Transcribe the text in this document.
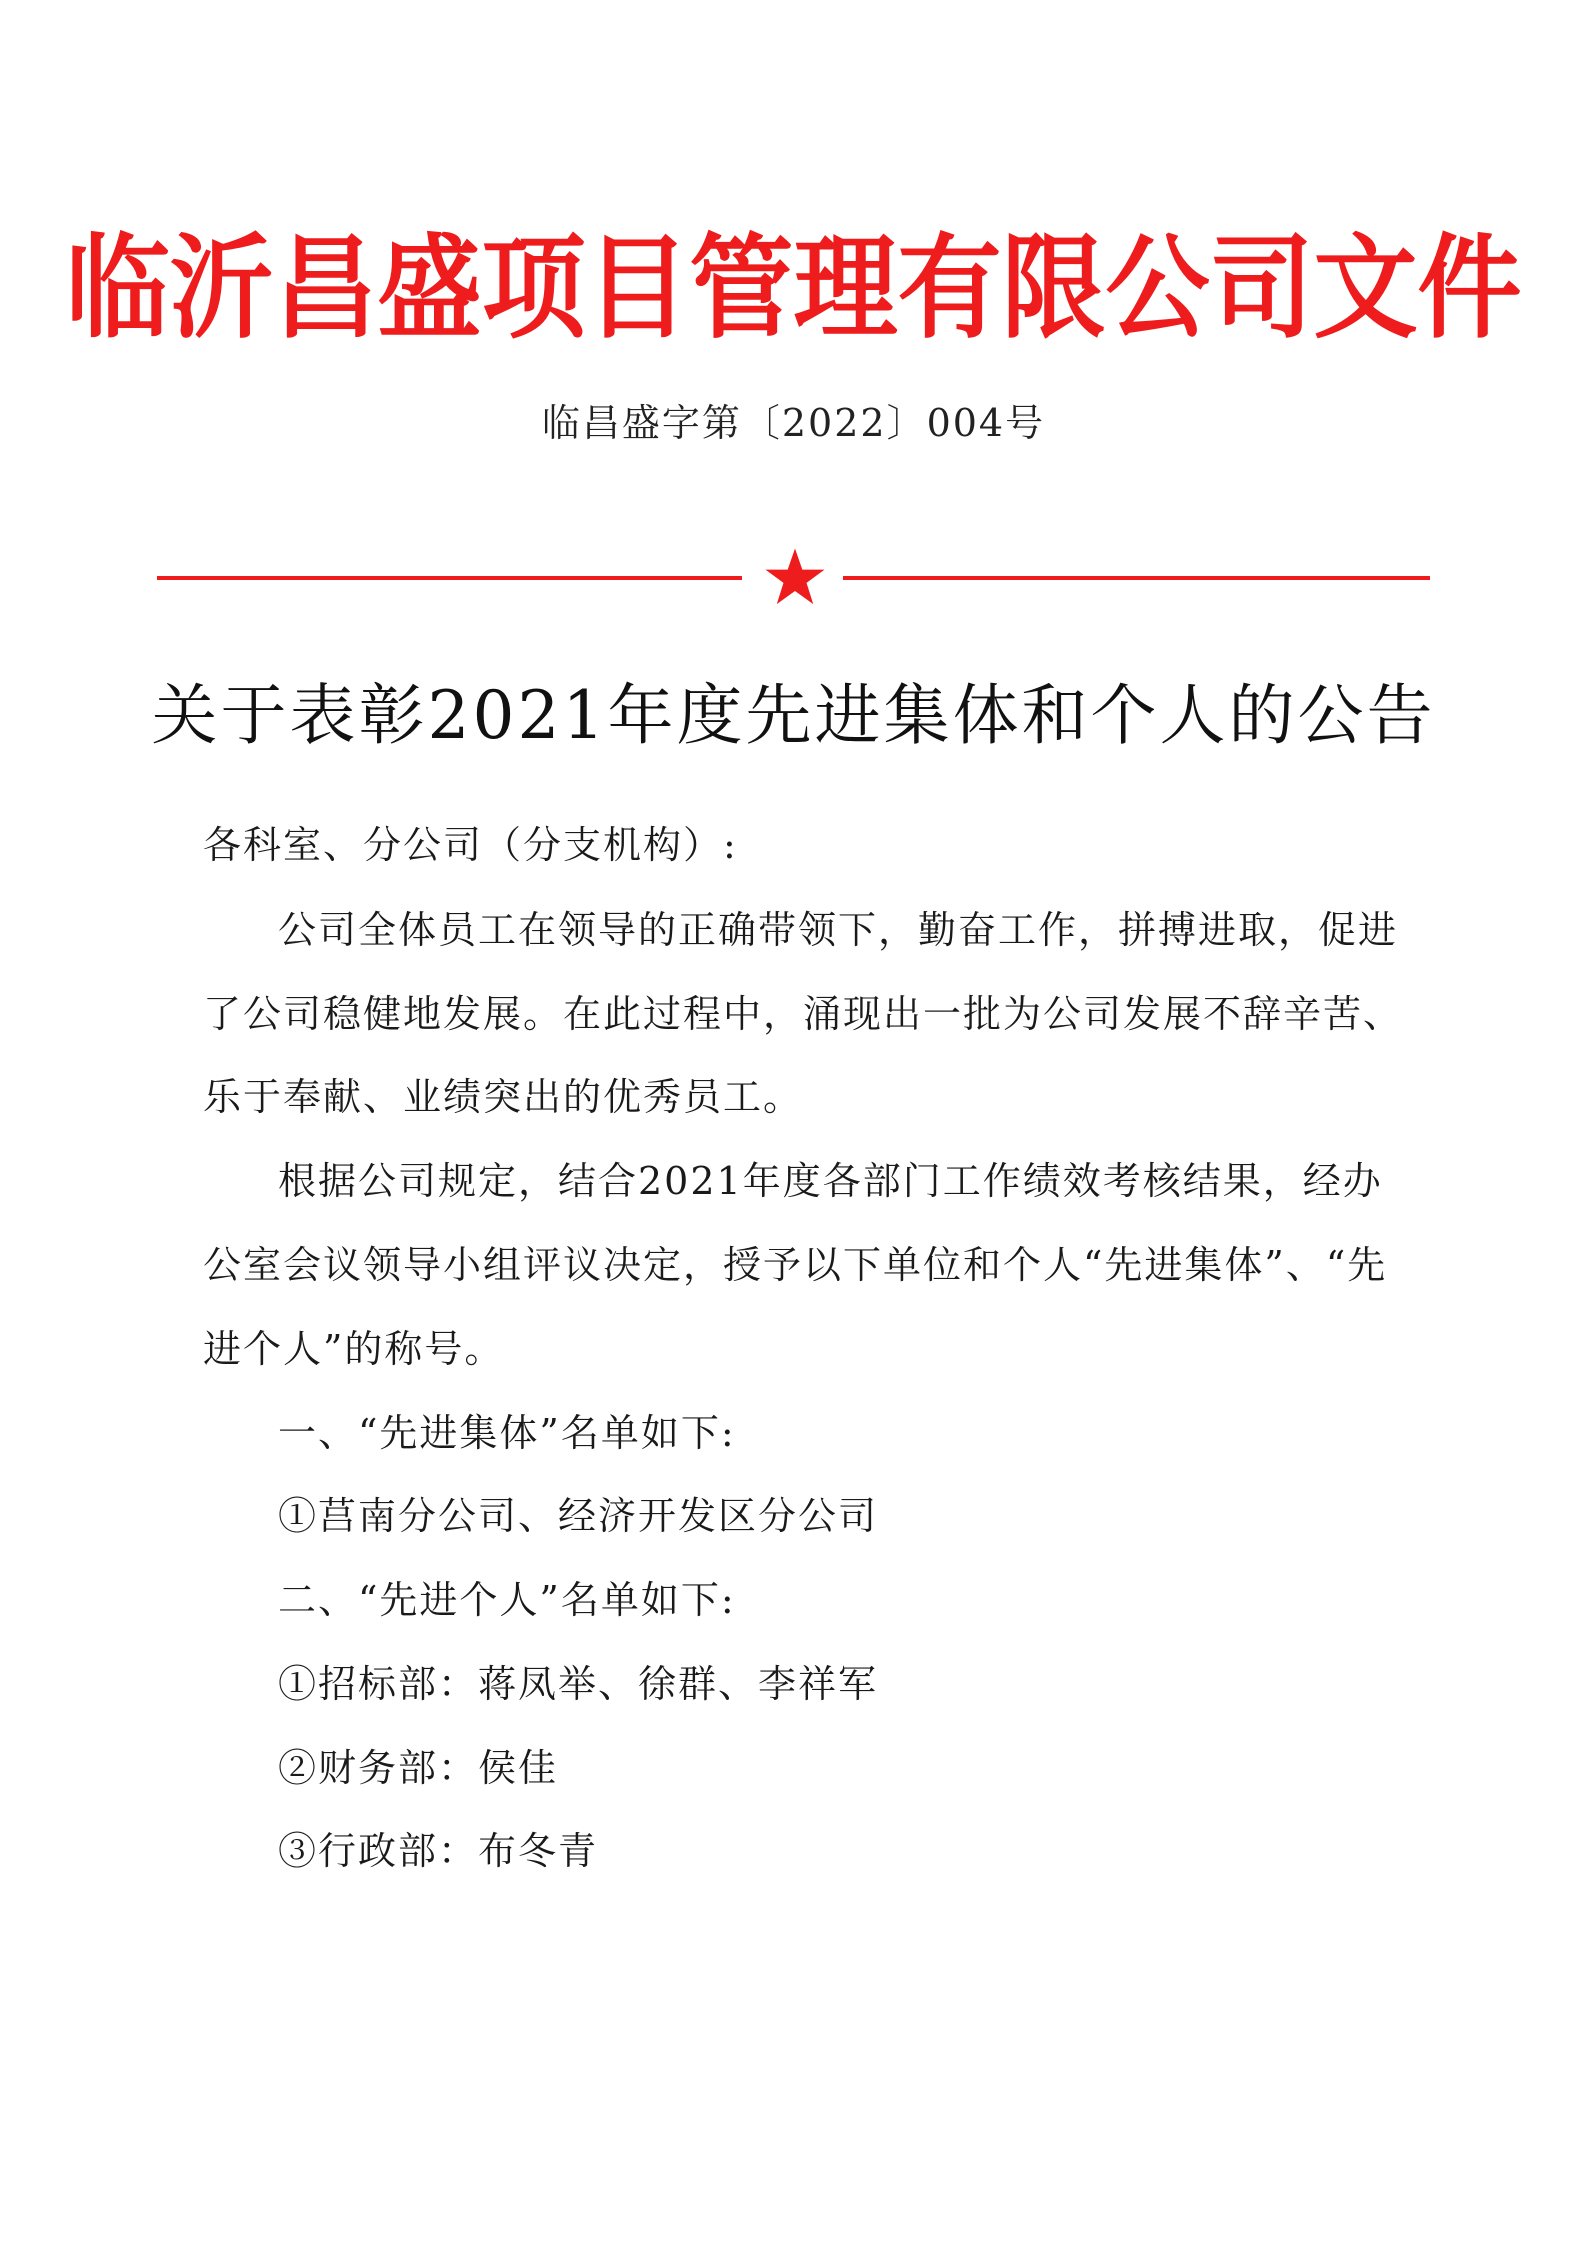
临沂昌盛项目管理有限公司文件
临昌盛字第〔2022〕004号
关于表彰2021年度先进集体和个人的公告
各科室、分公司（分支机构）:
公司全体员工在领导的正确带领下，勤奋工作，拼搏进取，促进
了公司稳健地发展。在此过程中，涌现出一批为公司发展不辞辛苦、
乐于奉献、业绩突出的优秀员工。
根据公司规定，结合2021年度各部门工作绩效考核结果，经办
公室会议领导小组评议决定，授予以下单位和个人“先进集体”、“先
进个人”的称号。
一、“先进集体”名单如下:
①莒南分公司、经济开发区分公司
二、“先进个人”名单如下:
①招标部：蒋凤举、徐群、李祥军
②财务部：侯佳
③行政部：布冬青
